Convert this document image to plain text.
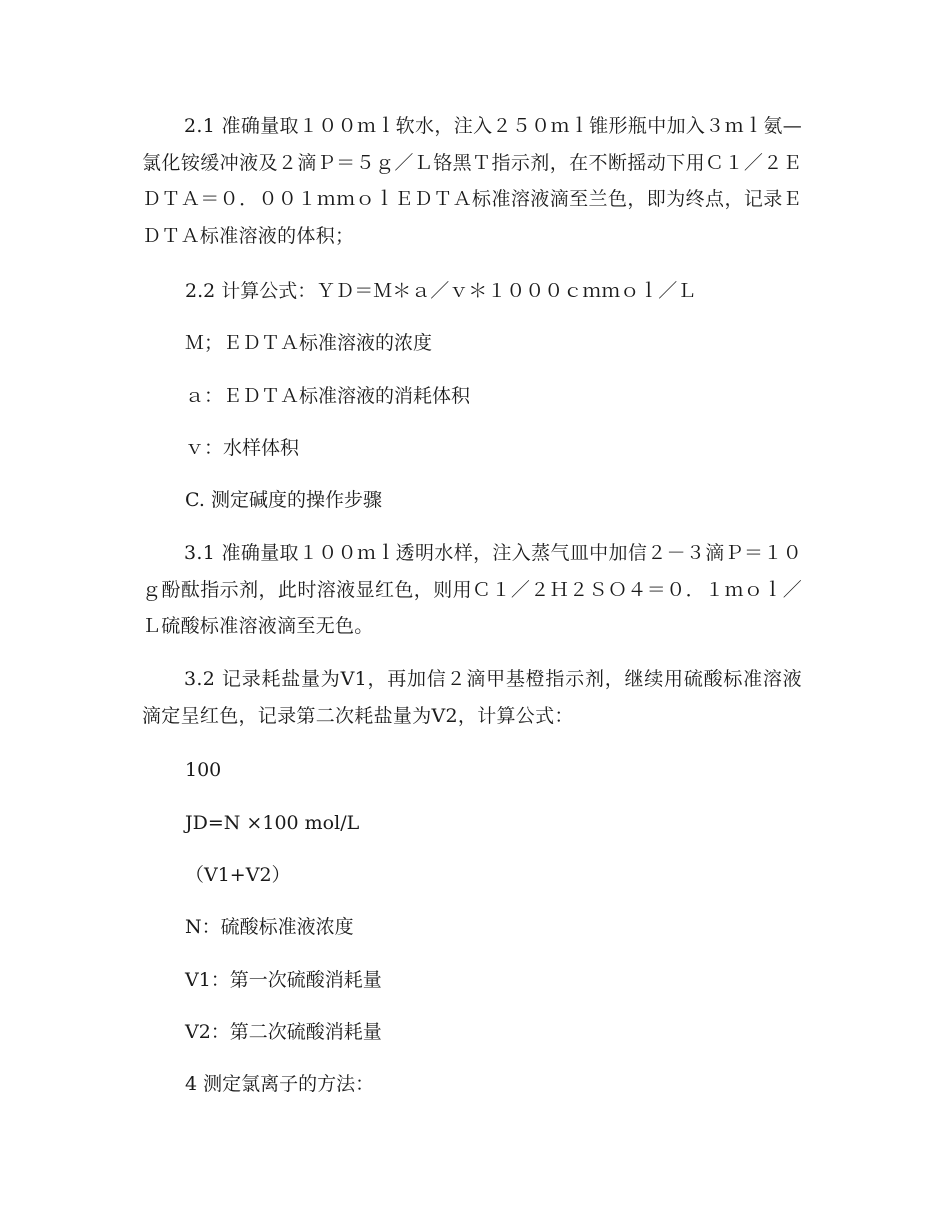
2.1 准确量取１００ｍｌ软水，注入２５０ｍｌ锥形瓶中加入３ｍｌ氨—氯化铵缓冲液及２滴Ｐ＝５ｇ／Ｌ铬黑Ｔ指示剂，在不断摇动下用Ｃ１／２ＥＤＴＡ＝０．００１ｍｍｏｌＥＤＴＡ标准溶液滴至兰色，即为终点，记录ＥＤＴＡ标准溶液的体积；

2.2 计算公式：ＹＤ＝Ｍ＊ａ／ｖ＊１０００ｃｍｍｏｌ／Ｌ

Ｍ；ＥＤＴＡ标准溶液的浓度

ａ：ＥＤＴＡ标准溶液的消耗体积

ｖ：水样体积

C. 测定碱度的操作步骤

3.1 准确量取１００ｍｌ透明水样，注入蒸气皿中加信２－３滴Ｐ＝１０ｇ酚酞指示剂，此时溶液显红色，则用Ｃ１／２Ｈ２ＳＯ４＝０．１ｍｏｌ／Ｌ硫酸标准溶液滴至无色。

3.2 记录耗盐量为V1，再加信２滴甲基橙指示剂，继续用硫酸标准溶液滴定呈红色，记录第二次耗盐量为V2，计算公式：

100

JD=N ×100 mol/L

（V1+V2）

N：硫酸标准液浓度

V1：第一次硫酸消耗量

V2：第二次硫酸消耗量

4 测定氯离子的方法：
